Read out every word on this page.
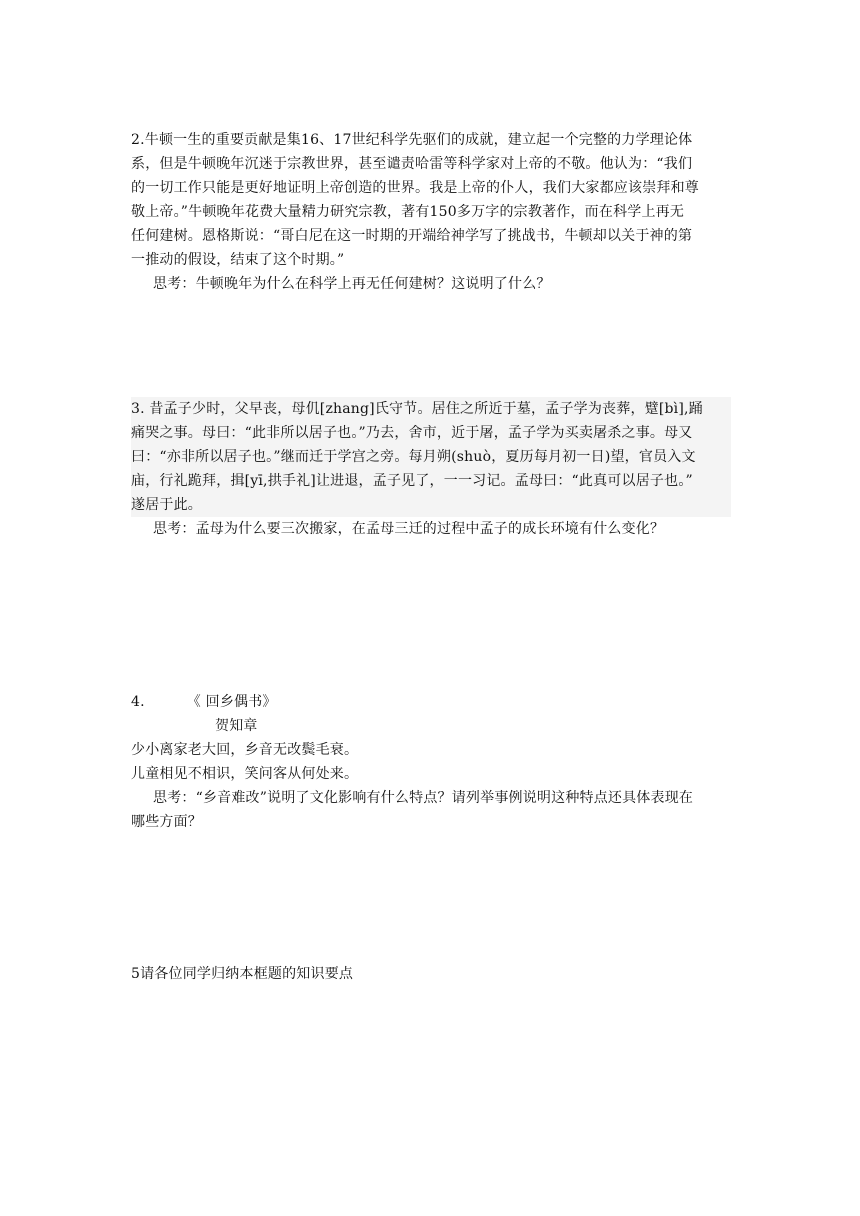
2.牛顿一生的重要贡献是集16、17世纪科学先驱们的成就，建立起一个完整的力学理论体
系，但是牛顿晚年沉迷于宗教世界，甚至谴责哈雷等科学家对上帝的不敬。他认为：“我们
的一切工作只能是更好地证明上帝创造的世界。我是上帝的仆人，我们大家都应该崇拜和尊
敬上帝。”牛顿晚年花费大量精力研究宗教，著有150多万字的宗教著作，而在科学上再无
任何建树。恩格斯说：“哥白尼在这一时期的开端给神学写了挑战书，牛顿却以关于神的第
一推动的假设，结束了这个时期。”
思考：牛顿晚年为什么在科学上再无任何建树？这说明了什么？
3. 昔孟子少时，父早丧，母仉[zhang]氏守节。居住之所近于墓，孟子学为丧葬，躄[bì],踊
痛哭之事。母曰：“此非所以居子也。”乃去，舍市，近于屠，孟子学为买卖屠杀之事。母又
曰：“亦非所以居子也。”继而迁于学宫之旁。每月朔(shuò，夏历每月初一日)望，官员入文
庙，行礼跪拜，揖[yī,拱手礼]让进退，孟子见了，一一习记。孟母曰：“此真可以居子也。”
遂居于此。
思考：孟母为什么要三次搬家，在孟母三迁的过程中孟子的成长环境有什么变化？
4.	《 回乡偶书》
贺知章
少小离家老大回，乡音无改鬓毛衰。
儿童相见不相识，笑问客从何处来。
思考：“乡音难改”说明了文化影响有什么特点？请列举事例说明这种特点还具体表现在
哪些方面？
5请各位同学归纳本框题的知识要点
